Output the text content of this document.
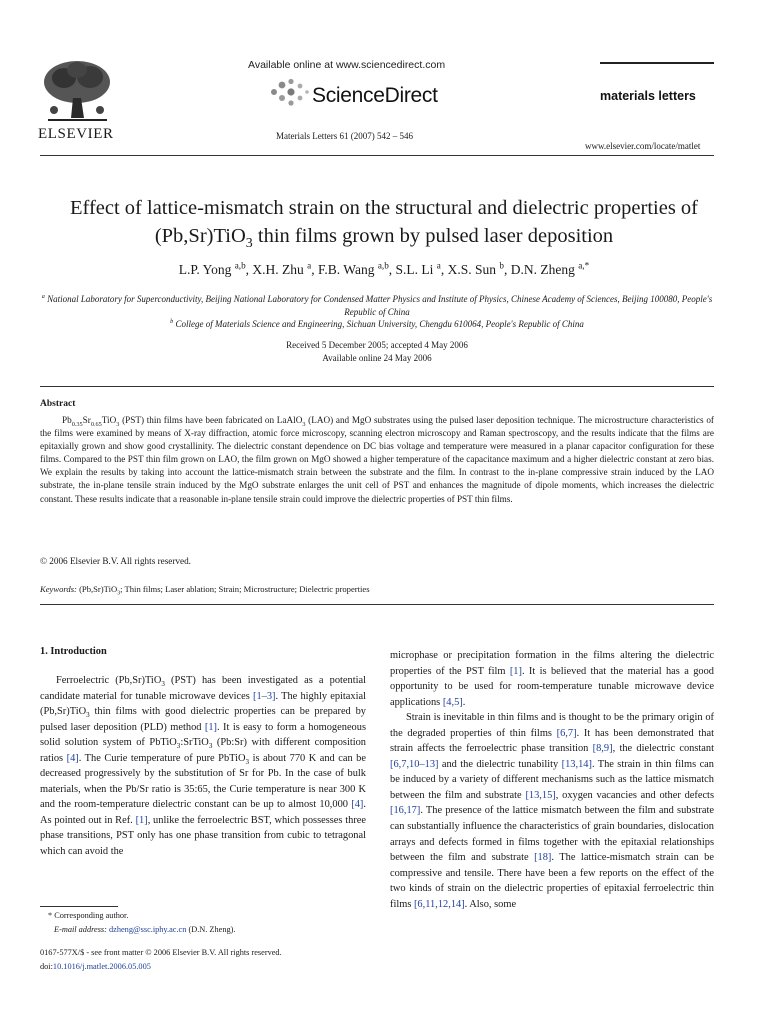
ELSEVIER
Available online at www.sciencedirect.com
ScienceDirect
Materials Letters 61 (2007) 542 – 546
materials letters
www.elsevier.com/locate/matlet
Effect of lattice-mismatch strain on the structural and dielectric properties of
(Pb,Sr)TiO$_3$ thin films grown by pulsed laser deposition
L.P. Yong $^{a,b}$, X.H. Zhu $^a$, F.B. Wang $^{a,b}$, S.L. Li $^a$, X.S. Sun $^b$, D.N. Zheng $^{a,*}$
$^a$ National Laboratory for Superconductivity, Beijing National Laboratory for Condensed Matter Physics and Institute of Physics, Chinese Academy of Sciences, Beijing 100080, People's Republic of China
$^b$ College of Materials Science and Engineering, Sichuan University, Chengdu 610064, People's Republic of China
Received 5 December 2005; accepted 4 May 2006
Available online 24 May 2006
Abstract

$Pb_{0.35}Sr_{0.65}TiO_3$ (PST) thin films have been fabricated on LaAlO$_3$ (LAO) and MgO substrates using the pulsed laser deposition technique. The microstructure characteristics of the films were examined by means of X-ray diffraction, atomic force microscopy, scanning electron microscopy and Raman spectroscopy, and the results indicate that the films are epitaxially grown and show good crystallinity. The dielectric constant dependence on DC bias voltage and temperature were measured in a planar capacitor configuration for these films. Compared to the PST thin film grown on LAO, the film grown on MgO showed a higher temperature of the capacitance maximum and a higher dielectric constant at zero bias. We explain the results by taking into account the lattice-mismatch strain between the substrate and the film. In contrast to the in-plane compressive strain induced by the LAO substrate, the in-plane tensile strain induced by the MgO substrate enlarges the unit cell of PST and enhances the magnitude of dipole moments, which increases the dielectric constant. These results indicate that a reasonable in-plane tensile strain could improve the dielectric properties of PST thin films.

© 2006 Elsevier B.V. All rights reserved.
Keywords: (Pb,Sr)TiO$_3$; Thin films; Laser ablation; Strain; Microstructure; Dielectric properties
1. Introduction

Ferroelectric (Pb,Sr)TiO$_3$ (PST) has been investigated as a potential candidate material for tunable microwave devices [1–3]. The highly epitaxial (Pb,Sr)TiO$_3$ thin films with good dielectric properties can be prepared by pulsed laser deposition (PLD) method [1]. It is easy to form a homogeneous solid solution system of PbTiO$_3$:SrTiO$_3$ (Pb:Sr) with different composition ratios [4]. The Curie temperature of pure PbTiO$_3$ is about 770 K and can be decreased progressively by the substitution of Sr for Pb. In the case of bulk materials, when the Pb/Sr ratio is 35:65, the Curie temperature is near 300 K and the room-temperature dielectric constant can be up to almost 10,000 [4]. As pointed out in Ref. [1], unlike the ferroelectric BST, which possesses three phase transitions, PST only has one phase transition from cubic to tetragonal which can avoid the

microphase or precipitation formation in the films altering the dielectric properties of the PST film [1]. It is believed that the material has a good opportunity to be used for room-temperature tunable microwave device applications [4,5].

Strain is inevitable in thin films and is thought to be the primary origin of the degraded properties of thin films [6,7]. It has been demonstrated that strain affects the ferroelectric phase transition [8,9], the dielectric constant [6,7,10–13] and the dielectric tunability [13,14]. The strain in thin films can be induced by a variety of different mechanisms such as the lattice mismatch between the film and substrate [13,15], oxygen vacancies and other defects [16,17]. The presence of the lattice mismatch between the film and substrate can substantially influence the characteristics of grain boundaries, dislocation arrays and defects formed in films together with the epitaxial relationships between the film and substrate [18]. The lattice-mismatch strain can be compressive and tensile. There have been a few reports on the effect of the two kinds of strain on the dielectric properties of epitaxial ferroelectric thin films [6,11,12,14]. Also, some

* Corresponding author.
E-mail address: dzheng@ssc.iphy.ac.cn (D.N. Zheng).
0167-577X/$ - see front matter © 2006 Elsevier B.V. All rights reserved.
doi:10.1016/j.matlet.2006.05.005
